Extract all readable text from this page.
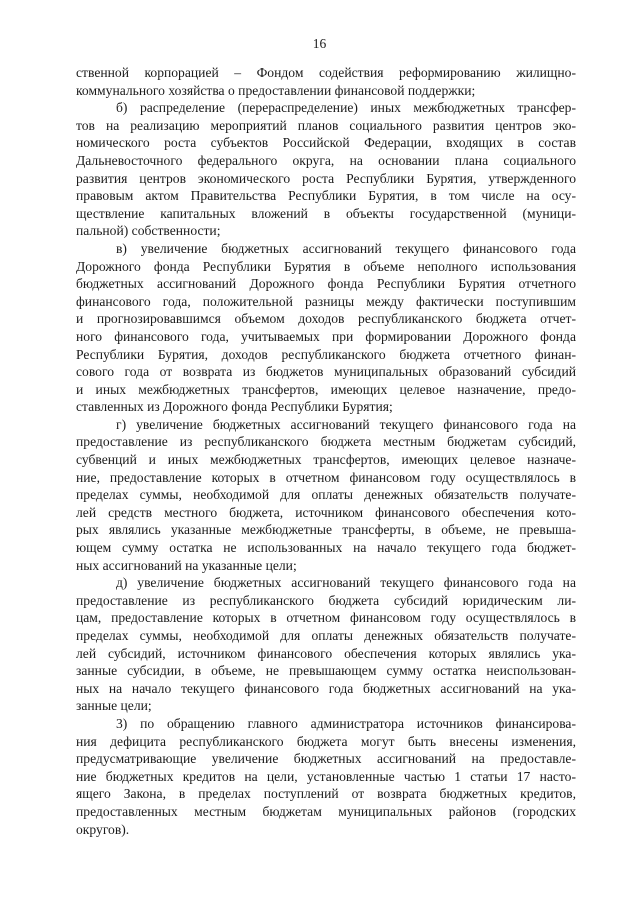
16
ственной корпорацией – Фондом содействия реформированию жилищно-
коммунального хозяйства о предоставлении финансовой поддержки;
б) распределение (перераспределение) иных межбюджетных трансфер-
тов на реализацию мероприятий планов социального развития центров эко-
номического роста субъектов Российской Федерации, входящих в состав
Дальневосточного федерального округа, на основании плана социального
развития центров экономического роста Республики Бурятия, утвержденного
правовым актом Правительства Республики Бурятия, в том числе на осу-
ществление капитальных вложений в объекты государственной (муници-
пальной) собственности;
в) увеличение бюджетных ассигнований текущего финансового года
Дорожного фонда Республики Бурятия в объеме неполного использования
бюджетных ассигнований Дорожного фонда Республики Бурятия отчетного
финансового года, положительной разницы между фактически поступившим
и прогнозировавшимся объемом доходов республиканского бюджета отчет-
ного финансового года, учитываемых при формировании Дорожного фонда
Республики Бурятия, доходов республиканского бюджета отчетного финан-
сового года от возврата из бюджетов муниципальных образований субсидий
и иных межбюджетных трансфертов, имеющих целевое назначение, предо-
ставленных из Дорожного фонда Республики Бурятия;
г) увеличение бюджетных ассигнований текущего финансового года на
предоставление из республиканского бюджета местным бюджетам субсидий,
субвенций и иных межбюджетных трансфертов, имеющих целевое назначе-
ние, предоставление которых в отчетном финансовом году осуществлялось в
пределах суммы, необходимой для оплаты денежных обязательств получате-
лей средств местного бюджета, источником финансового обеспечения кото-
рых являлись указанные межбюджетные трансферты, в объеме, не превыша-
ющем сумму остатка не использованных на начало текущего года бюджет-
ных ассигнований на указанные цели;
д) увеличение бюджетных ассигнований текущего финансового года на
предоставление из республиканского бюджета субсидий юридическим ли-
цам, предоставление которых в отчетном финансовом году осуществлялось в
пределах суммы, необходимой для оплаты денежных обязательств получате-
лей субсидий, источником финансового обеспечения которых являлись ука-
занные субсидии, в объеме, не превышающем сумму остатка неиспользован-
ных на начало текущего финансового года бюджетных ассигнований на ука-
занные цели;
3) по обращению главного администратора источников финансирова-
ния дефицита республиканского бюджета могут быть внесены изменения,
предусматривающие увеличение бюджетных ассигнований на предоставле-
ние бюджетных кредитов на цели, установленные частью 1 статьи 17 насто-
ящего Закона, в пределах поступлений от возврата бюджетных кредитов,
предоставленных местным бюджетам муниципальных районов (городских
округов).
